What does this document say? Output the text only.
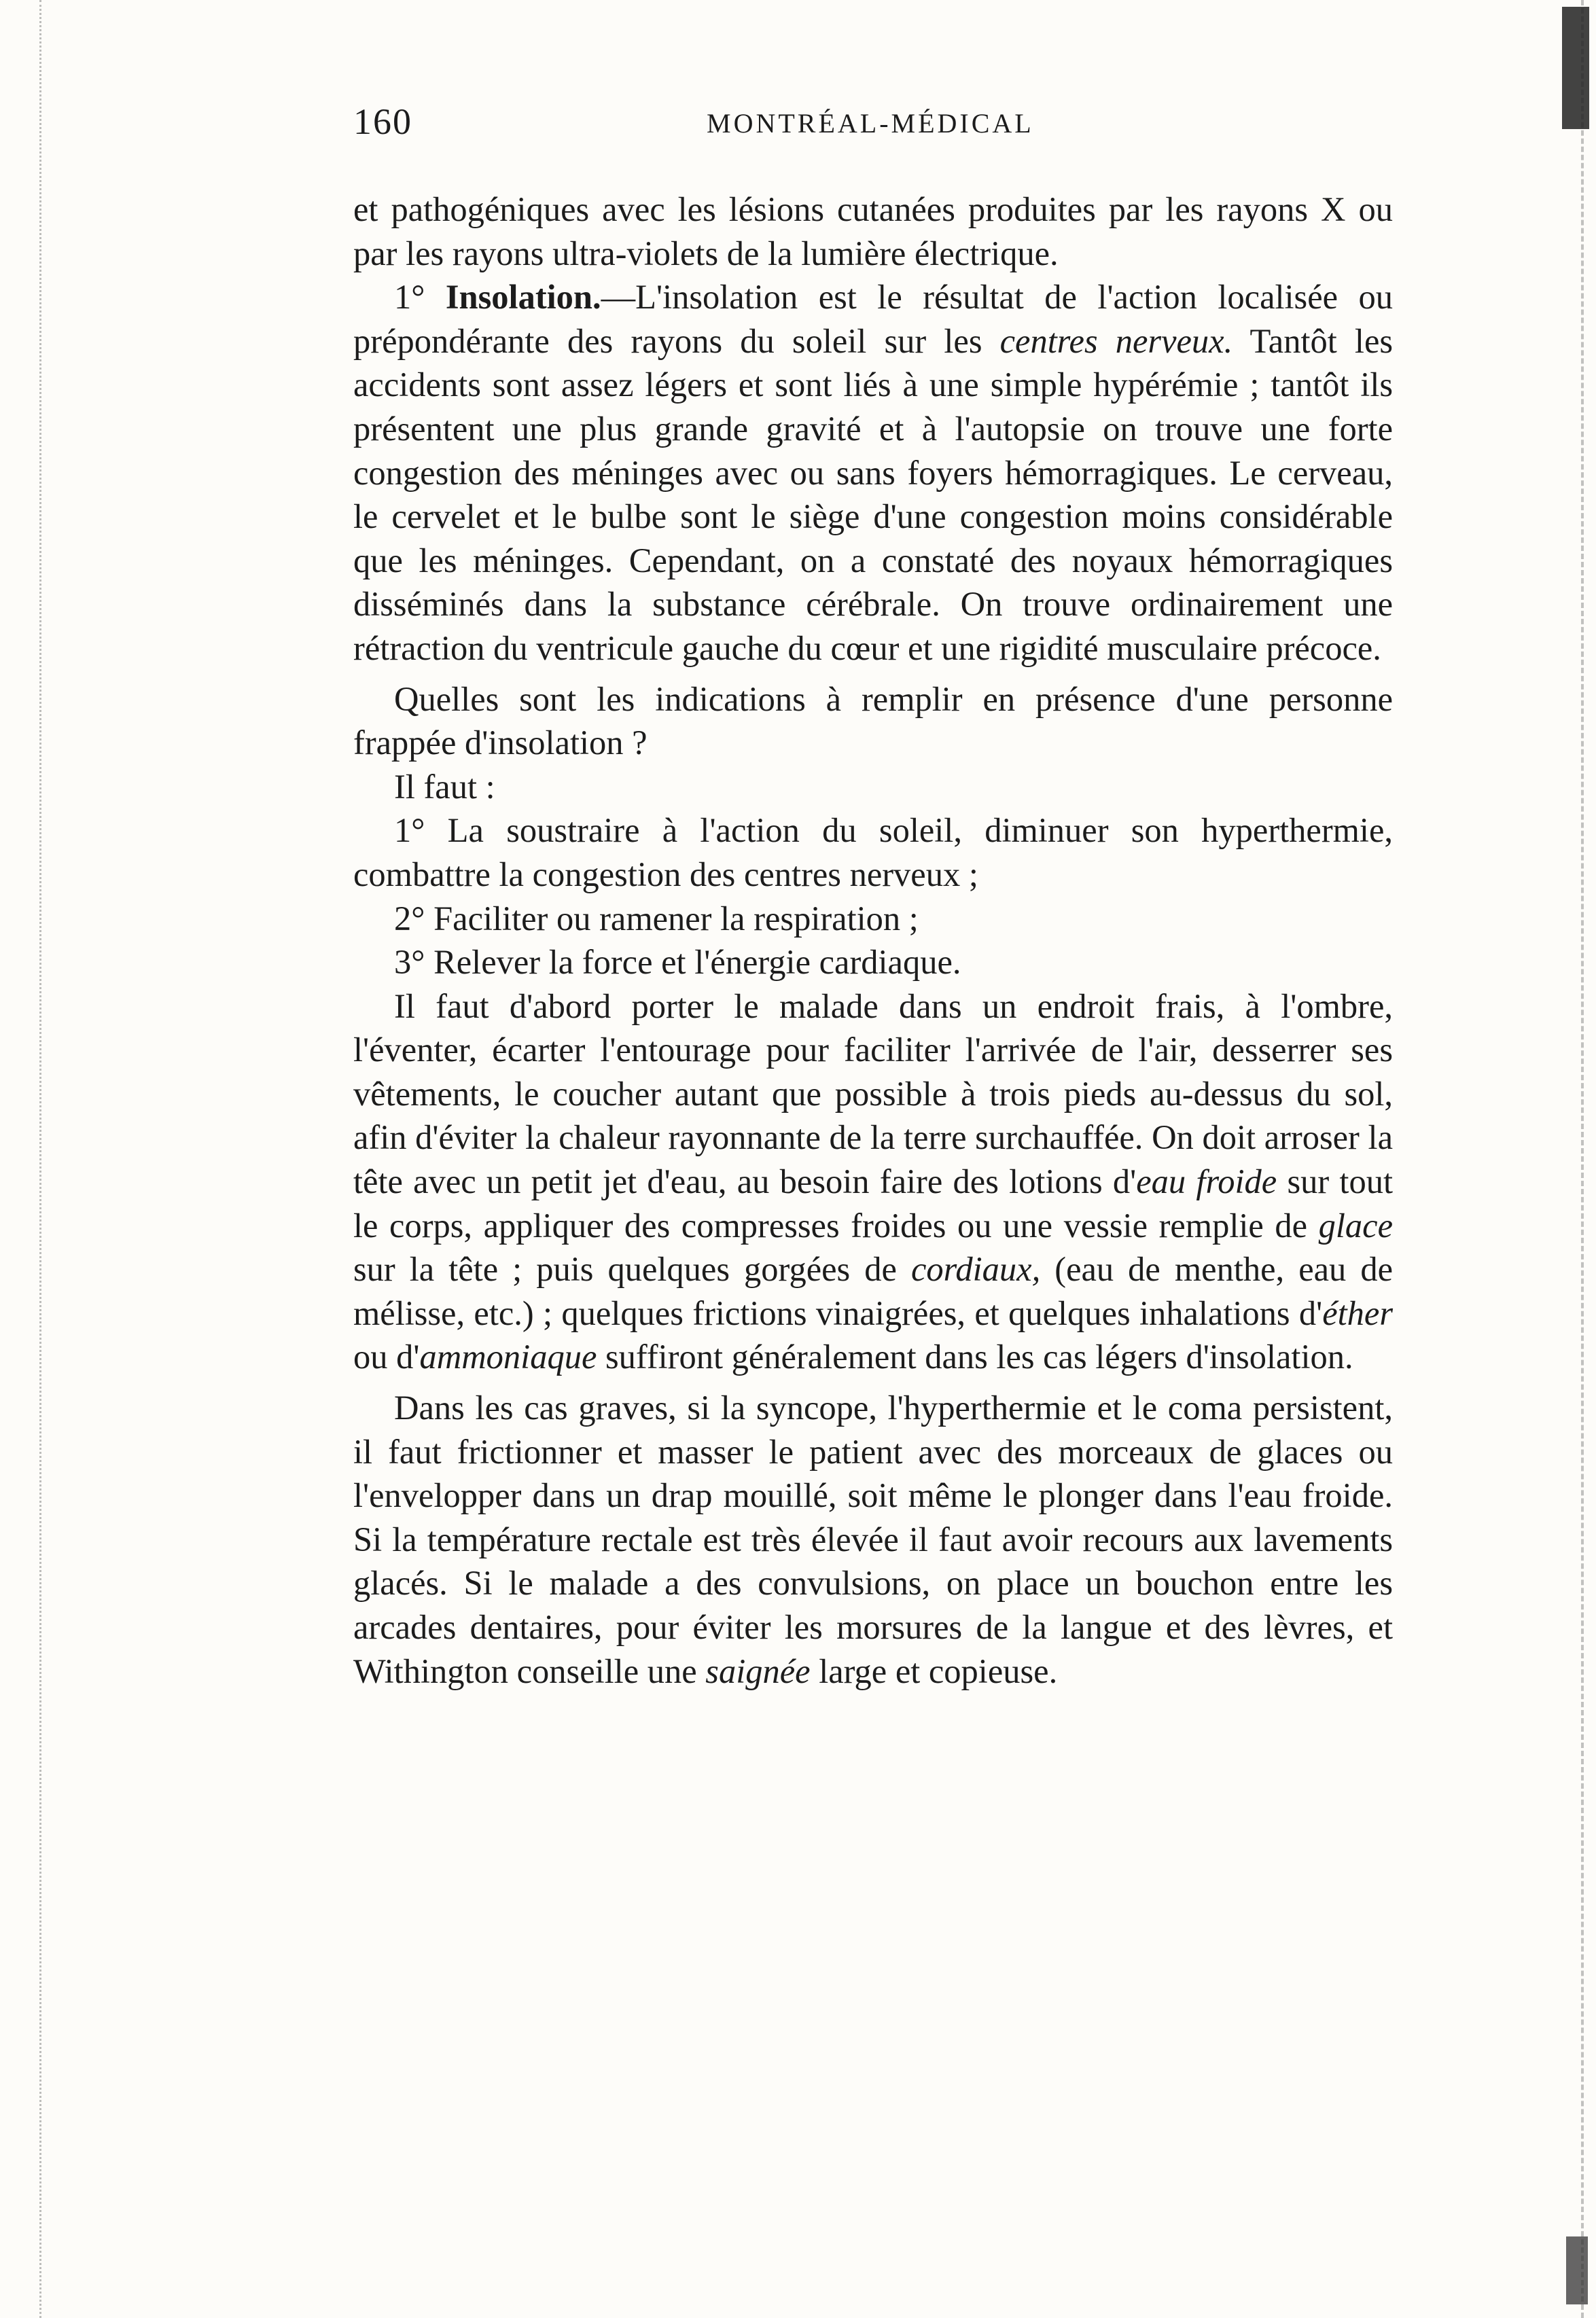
160	MONTRÉAL-MÉDICAL

et pathogéniques avec les lésions cutanées produites par les rayons X ou par les rayons ultra-violets de la lumière électrique.

1° Insolation.—L'insolation est le résultat de l'action localisée ou prépondérante des rayons du soleil sur les centres nerveux. Tantôt les accidents sont assez légers et sont liés à une simple hypérémie ; tantôt ils présentent une plus grande gravité et à l'autopsie on trouve une forte congestion des méninges avec ou sans foyers hémorragiques. Le cerveau, le cervelet et le bulbe sont le siège d'une congestion moins considérable que les méninges. Cependant, on a constaté des noyaux hémorragiques disséminés dans la substance cérébrale. On trouve ordinairement une rétraction du ventricule gauche du cœur et une rigidité musculaire précoce.

Quelles sont les indications à remplir en présence d'une personne frappée d'insolation ?

Il faut :

1° La soustraire à l'action du soleil, diminuer son hyperthermie, combattre la congestion des centres nerveux ;

2° Faciliter ou ramener la respiration ;

3° Relever la force et l'énergie cardiaque.

Il faut d'abord porter le malade dans un endroit frais, à l'ombre, l'éventer, écarter l'entourage pour faciliter l'arrivée de l'air, desserrer ses vêtements, le coucher autant que possible à trois pieds au-dessus du sol, afin d'éviter la chaleur rayonnante de la terre surchauffée. On doit arroser la tête avec un petit jet d'eau, au besoin faire des lotions d'eau froide sur tout le corps, appliquer des compresses froides ou une vessie remplie de glace sur la tête ; puis quelques gorgées de cordiaux, (eau de menthe, eau de mélisse, etc.) ; quelques frictions vinaigrées, et quelques inhalations d'éther ou d'ammoniaque suffiront généralement dans les cas légers d'insolation.

Dans les cas graves, si la syncope, l'hyperthermie et le coma persistent, il faut frictionner et masser le patient avec des morceaux de glaces ou l'envelopper dans un drap mouillé, soit même le plonger dans l'eau froide. Si la température rectale est très élevée il faut avoir recours aux lavements glacés. Si le malade a des convulsions, on place un bouchon entre les arcades dentaires, pour éviter les morsures de la langue et des lèvres, et Withington conseille une saignée large et copieuse.
